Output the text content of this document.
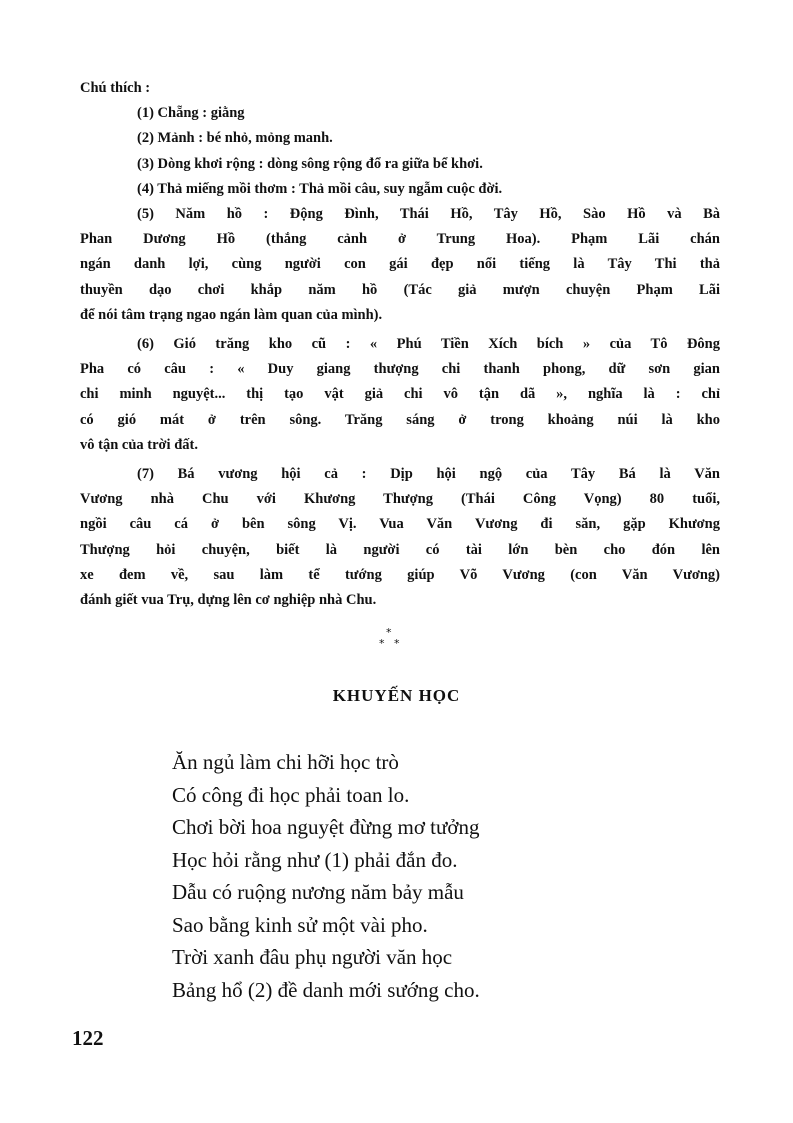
Chú thích :
(1) Chẵng : giằng
(2) Mảnh : bé nhỏ, mỏng manh.
(3) Dòng khơi rộng : dòng sông rộng đổ ra giữa bể khơi.
(4) Thả miếng mồi thơm : Thả mồi câu, suy ngẫm cuộc đời.
(5) Năm hồ : Động Đình, Thái Hồ, Tây Hồ, Sào Hồ và Bà
Phan Dương Hồ (thắng cảnh ở Trung Hoa). Phạm Lãi chán
ngán danh lợi, cùng người con gái đẹp nổi tiếng là Tây Thi thả
thuyền dạo chơi khắp năm hồ (Tác giả mượn chuyện Phạm Lãi
để nói tâm trạng ngao ngán làm quan của mình).
(6) Gió trăng kho cũ : « Phú Tiền Xích bích » của Tô Đông
Pha có câu : « Duy giang thượng chi thanh phong, dữ sơn gian
chi minh nguyệt... thị tạo vật giả chi vô tận dã », nghĩa là : chỉ
có gió mát ở trên sông. Trăng sáng ở trong khoảng núi là kho
vô tận của trời đất.
(7) Bá vương hội cả : Dịp hội ngộ của Tây Bá là Văn
Vương nhà Chu với Khương Thượng (Thái Công Vọng) 80 tuổi,
ngồi câu cá ở bên sông Vị. Vua Văn Vương đi săn, gặp Khương
Thượng hỏi chuyện, biết là người có tài lớn bèn cho đón lên
xe đem về, sau làm tể tướng giúp Võ Vương (con Văn Vương)
đánh giết vua Trụ, dựng lên cơ nghiệp nhà Chu.
*
* *
KHUYẾN HỌC
Ăn ngủ làm chi hỡi học trò
Có công đi học phải toan lo.
Chơi bời hoa nguyệt đừng mơ tưởng
Học hỏi rằng như (1) phải đắn đo.
Dẫu có ruộng nương năm bảy mẫu
Sao bằng kinh sử một vài pho.
Trời xanh đâu phụ người văn học
Bảng hổ (2) đề danh mới sướng cho.
122
